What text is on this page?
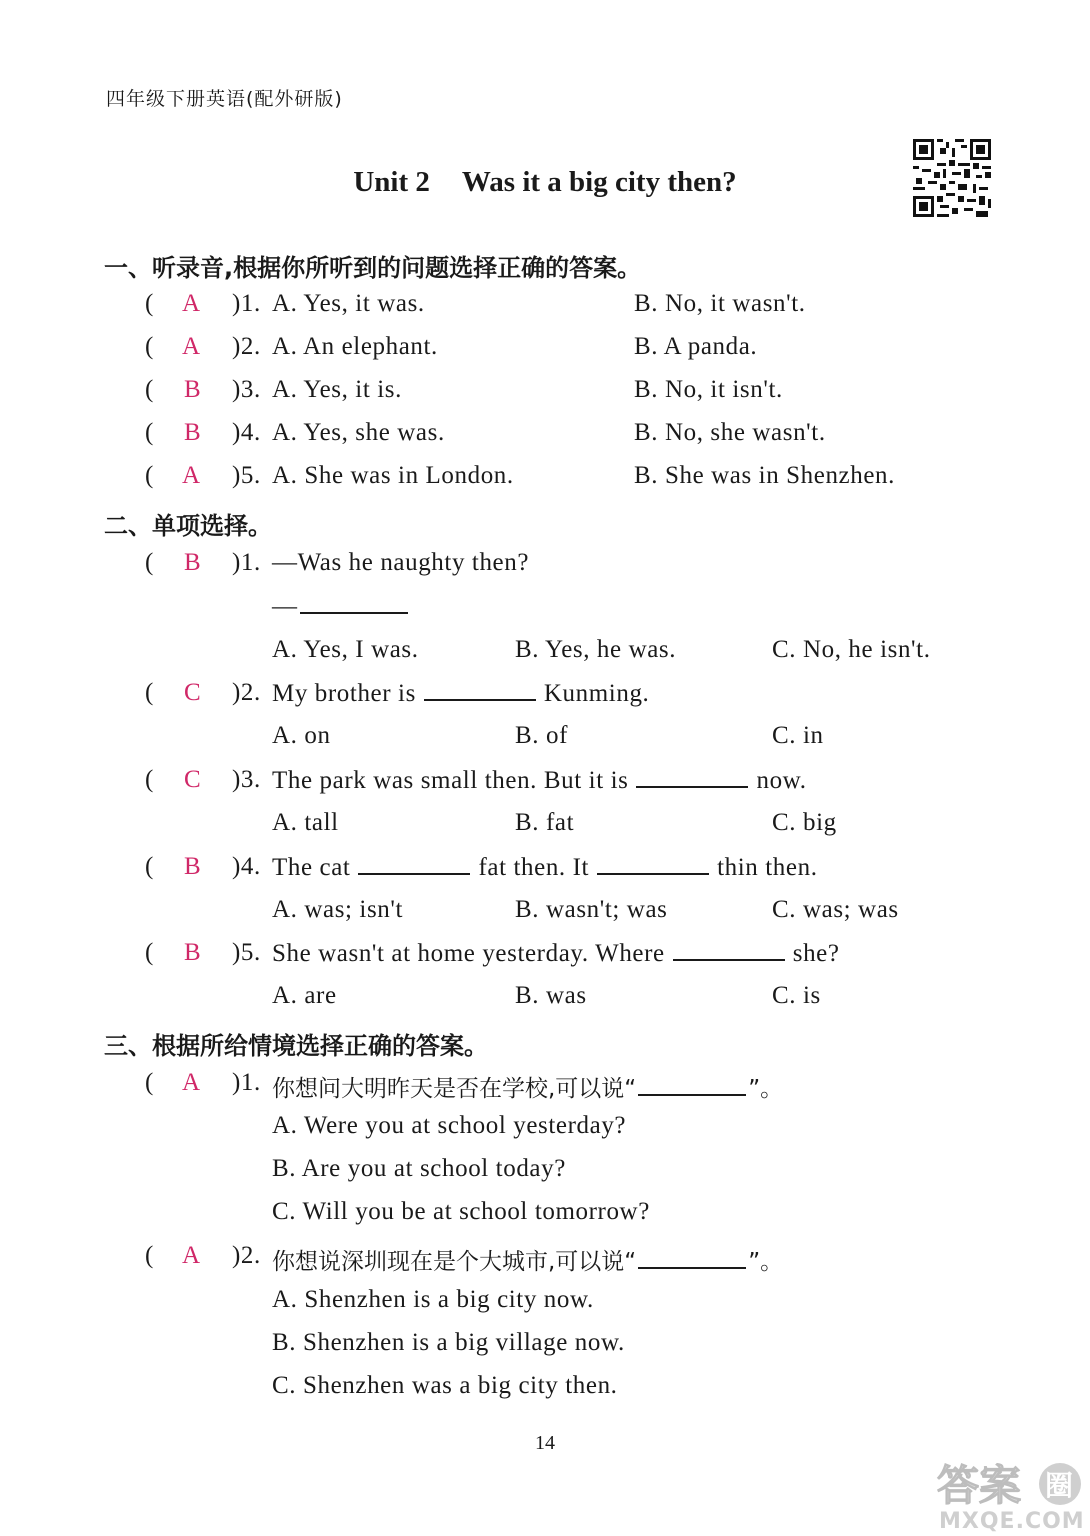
四年级下册英语(配外研版)
Unit 2 Was it a big city then?
一、听录音,根据你所听到的问题选择正确的答案。
( A )1. A. Yes, it was.	B. No, it wasn't.
( A )2. A. An elephant.	B. A panda.
( B )3. A. Yes, it is.	B. No, it isn't.
( B )4. A. Yes, she was.	B. No, she wasn't.
( A )5. A. She was in London.	B. She was in Shenzhen.
二、单项选择。
( B )1. —Was he naughty then?
—
A. Yes, I was.	B. Yes, he was.	C. No, he isn't.
( C )2. My brother is	Kunming.
A. on	B. of	C. in
( C )3. The park was small then. But it is	now.
A. tall	B. fat	C. big
( B )4. The cat	fat then. It	thin then.
A. was; isn't	B. wasn't; was	C. was; was
( B )5. She wasn't at home yesterday. Where	she?
A. are	B. was	C. is
三、根据所给情境选择正确的答案。
( A )1. 你想问大明昨天是否在学校,可以说“	”。
A. Were you at school yesterday?
B. Are you at school today?
C. Will you be at school tomorrow?
( A )2. 你想说深圳现在是个大城市,可以说“	”。
A. Shenzhen is a big city now.
B. Shenzhen is a big village now.
C. Shenzhen was a big city then.
14
答案 圈
MXQE.COM
